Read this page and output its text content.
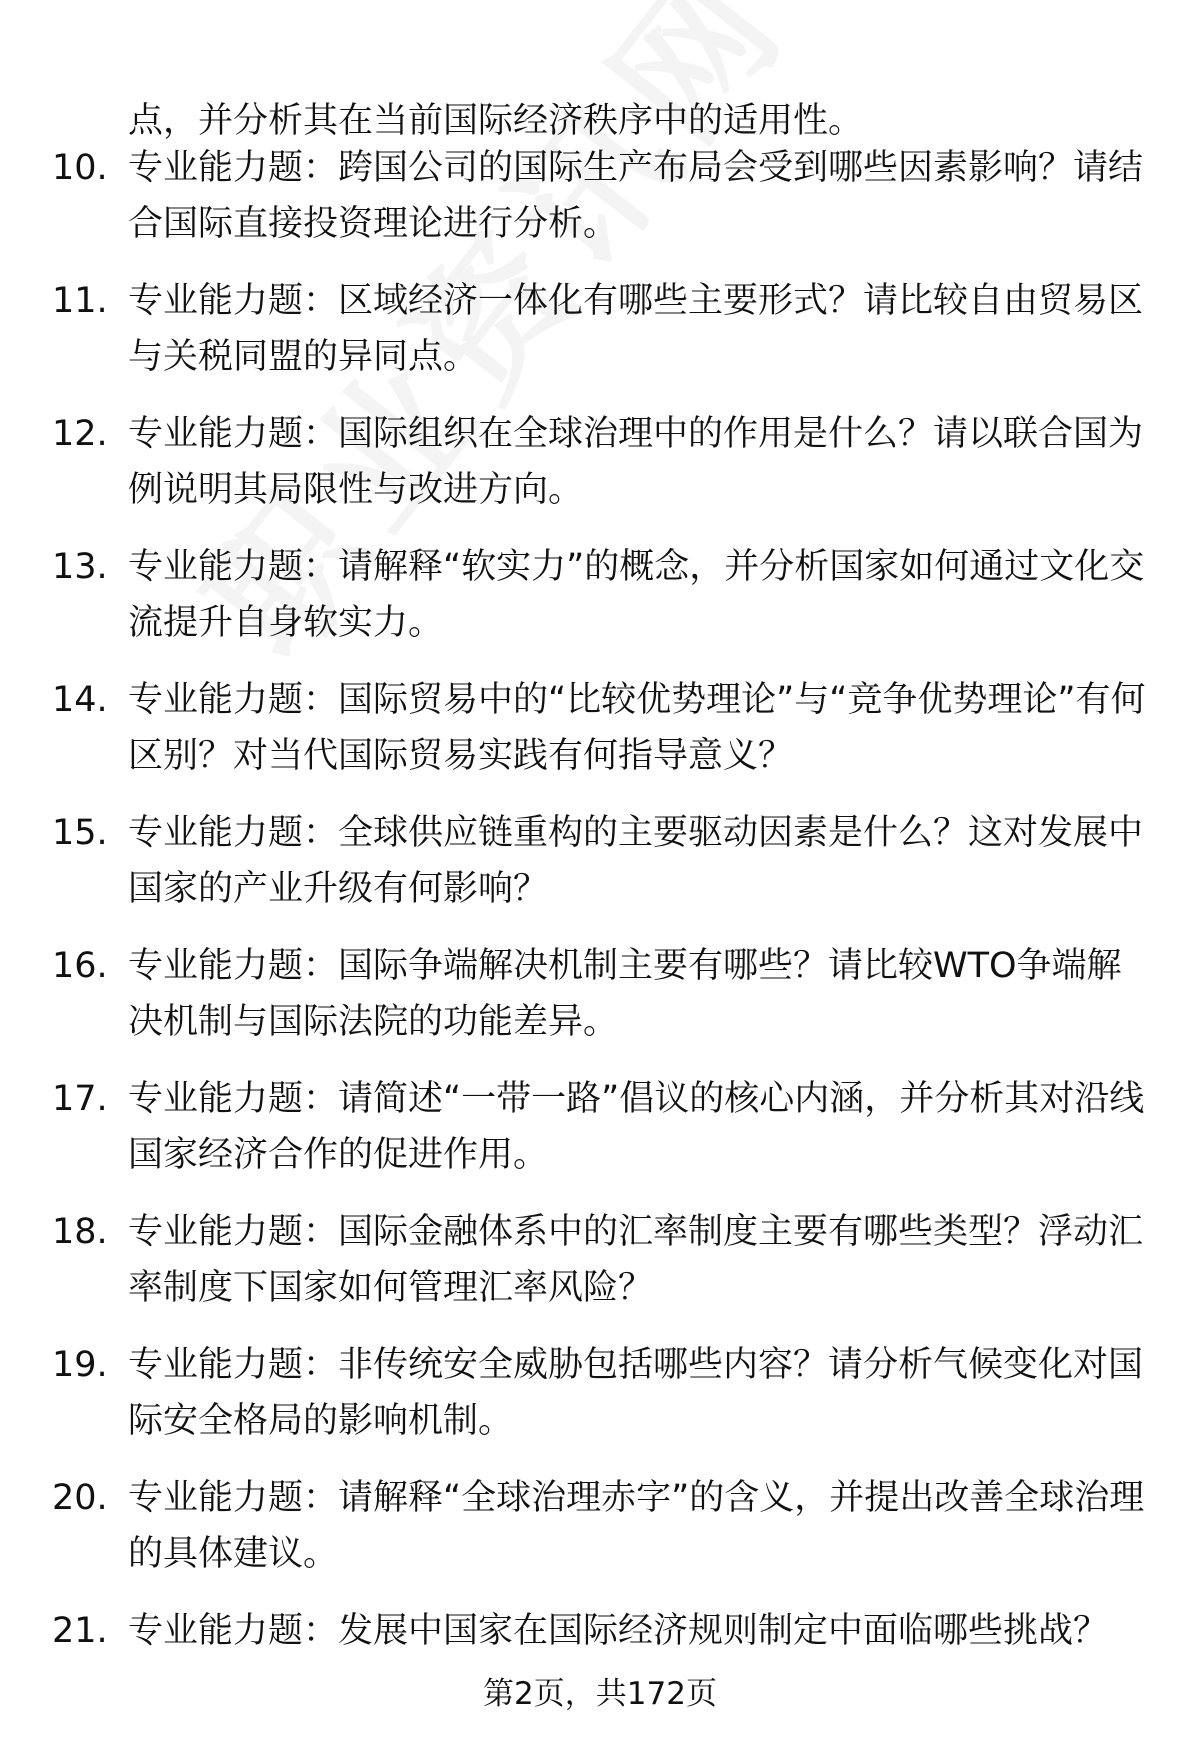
点，并分析其在当前国际经济秩序中的适用性。

10. 专业能力题：跨国公司的国际生产布局会受到哪些因素影响？请结合国际直接投资理论进行分析。

11. 专业能力题：区域经济一体化有哪些主要形式？请比较自由贸易区与关税同盟的异同点。

12. 专业能力题：国际组织在全球治理中的作用是什么？请以联合国为例说明其局限性与改进方向。

13. 专业能力题：请解释“软实力”的概念，并分析国家如何通过文化交流提升自身软实力。

14. 专业能力题：国际贸易中的“比较优势理论”与“竞争优势理论”有何区别？对当代国际贸易实践有何指导意义？

15. 专业能力题：全球供应链重构的主要驱动因素是什么？这对发展中国家的产业升级有何影响？

16. 专业能力题：国际争端解决机制主要有哪些？请比较WTO争端解决机制与国际法院的功能差异。

17. 专业能力题：请简述“一带一路”倡议的核心内涵，并分析其对沿线国家经济合作的促进作用。

18. 专业能力题：国际金融体系中的汇率制度主要有哪些类型？浮动汇率制度下国家如何管理汇率风险？

19. 专业能力题：非传统安全威胁包括哪些内容？请分析气候变化对国际安全格局的影响机制。

20. 专业能力题：请解释“全球治理赤字”的含义，并提出改善全球治理的具体建议。

21. 专业能力题：发展中国家在国际经济规则制定中面临哪些挑战？

第2页，共172页
